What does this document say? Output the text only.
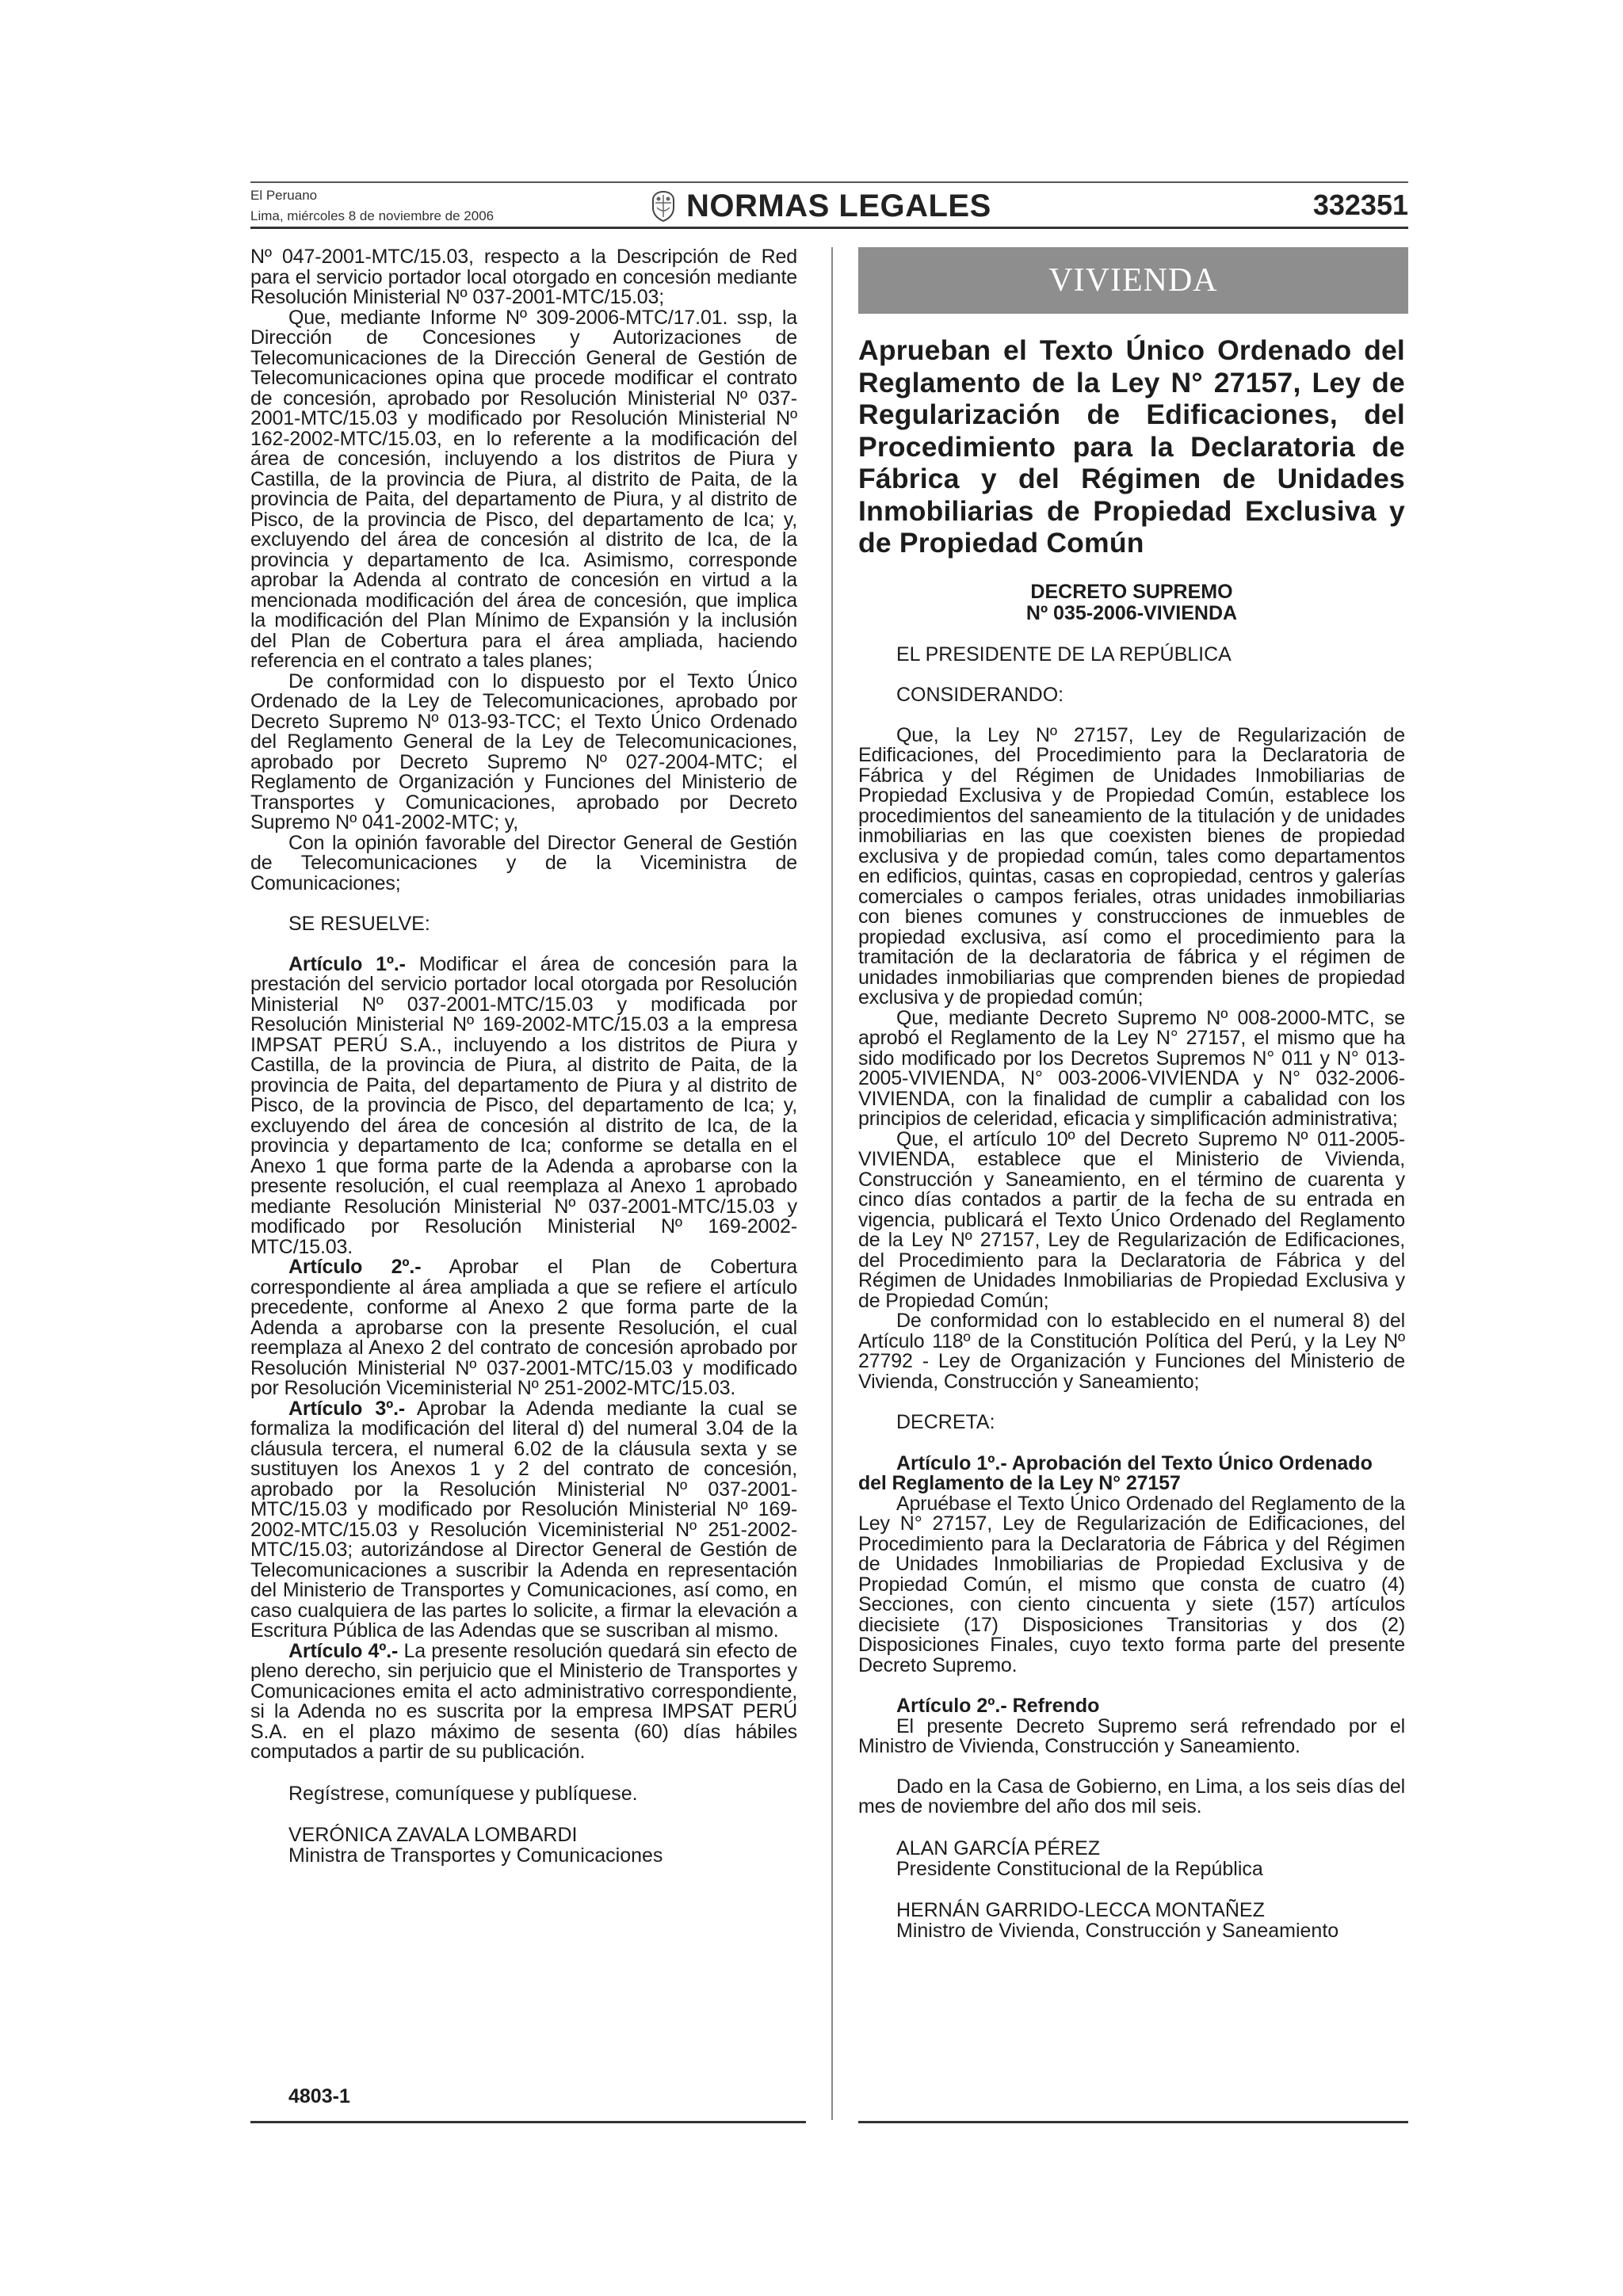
El Peruano
Lima, miércoles 8 de noviembre de 2006	NORMAS LEGALES	332351

Nº 047-2001-MTC/15.03, respecto a la Descripción de Red para el servicio portador local otorgado en concesión mediante Resolución Ministerial Nº 037-2001-MTC/15.03;

Que, mediante Informe Nº 309-2006-MTC/17.01. ssp, la Dirección de Concesiones y Autorizaciones de Telecomunicaciones de la Dirección General de Gestión de Telecomunicaciones opina que procede modificar el contrato de concesión, aprobado por Resolución Ministerial Nº 037-2001-MTC/15.03 y modificado por Resolución Ministerial Nº 162-2002-MTC/15.03, en lo referente a la modificación del área de concesión, incluyendo a los distritos de Piura y Castilla, de la provincia de Piura, al distrito de Paita, de la provincia de Paita, del departamento de Piura, y al distrito de Pisco, de la provincia de Pisco, del departamento de Ica; y, excluyendo del área de concesión al distrito de Ica, de la provincia y departamento de Ica. Asimismo, corresponde aprobar la Adenda al contrato de concesión en virtud a la mencionada modificación del área de concesión, que implica la modificación del Plan Mínimo de Expansión y la inclusión del Plan de Cobertura para el área ampliada, haciendo referencia en el contrato a tales planes;

De conformidad con lo dispuesto por el Texto Único Ordenado de la Ley de Telecomunicaciones, aprobado por Decreto Supremo Nº 013-93-TCC; el Texto Único Ordenado del Reglamento General de la Ley de Telecomunicaciones, aprobado por Decreto Supremo Nº 027-2004-MTC; el Reglamento de Organización y Funciones del Ministerio de Transportes y Comunicaciones, aprobado por Decreto Supremo Nº 041-2002-MTC; y,

Con la opinión favorable del Director General de Gestión de Telecomunicaciones y de la Viceministra de Comunicaciones;

SE RESUELVE:

Artículo 1º.- Modificar el área de concesión para la prestación del servicio portador local otorgada por Resolución Ministerial Nº 037-2001-MTC/15.03 y modificada por Resolución Ministerial Nº 169-2002-MTC/15.03 a la empresa IMPSAT PERÚ S.A., incluyendo a los distritos de Piura y Castilla, de la provincia de Piura, al distrito de Paita, de la provincia de Paita, del departamento de Piura y al distrito de Pisco, de la provincia de Pisco, del departamento de Ica; y, excluyendo del área de concesión al distrito de Ica, de la provincia y departamento de Ica; conforme se detalla en el Anexo 1 que forma parte de la Adenda a aprobarse con la presente resolución, el cual reemplaza al Anexo 1 aprobado mediante Resolución Ministerial Nº 037-2001-MTC/15.03 y modificado por Resolución Ministerial Nº 169-2002-MTC/15.03.

Artículo 2º.- Aprobar el Plan de Cobertura correspondiente al área ampliada a que se refiere el artículo precedente, conforme al Anexo 2 que forma parte de la Adenda a aprobarse con la presente Resolución, el cual reemplaza al Anexo 2 del contrato de concesión aprobado por Resolución Ministerial Nº 037-2001-MTC/15.03 y modificado por Resolución Viceministerial Nº 251-2002-MTC/15.03.

Artículo 3º.- Aprobar la Adenda mediante la cual se formaliza la modificación del literal d) del numeral 3.04 de la cláusula tercera, el numeral 6.02 de la cláusula sexta y se sustituyen los Anexos 1 y 2 del contrato de concesión, aprobado por la Resolución Ministerial Nº 037-2001-MTC/15.03 y modificado por Resolución Ministerial Nº 169-2002-MTC/15.03 y Resolución Viceministerial Nº 251-2002-MTC/15.03; autorizándose al Director General de Gestión de Telecomunicaciones a suscribir la Adenda en representación del Ministerio de Transportes y Comunicaciones, así como, en caso cualquiera de las partes lo solicite, a firmar la elevación a Escritura Pública de las Adendas que se suscriban al mismo.

Artículo 4º.- La presente resolución quedará sin efecto de pleno derecho, sin perjuicio que el Ministerio de Transportes y Comunicaciones emita el acto administrativo correspondiente, si la Adenda no es suscrita por la empresa IMPSAT PERÚ S.A. en el plazo máximo de sesenta (60) días hábiles computados a partir de su publicación.

Regístrese, comuníquese y publíquese.

VERÓNICA ZAVALA LOMBARDI

Ministra de Transportes y Comunicaciones

4803-1
VIVIENDA
Aprueban el Texto Único Ordenado del Reglamento de la Ley N° 27157, Ley de Regularización de Edificaciones, del Procedimiento para la Declaratoria de Fábrica y del Régimen de Unidades Inmobiliarias de Propiedad Exclusiva y de Propiedad Común
DECRETO SUPREMO
Nº 035-2006-VIVIENDA

EL PRESIDENTE DE LA REPÚBLICA

CONSIDERANDO:

Que, la Ley Nº 27157, Ley de Regularización de Edificaciones, del Procedimiento para la Declaratoria de Fábrica y del Régimen de Unidades Inmobiliarias de Propiedad Exclusiva y de Propiedad Común, establece los procedimientos del saneamiento de la titulación y de unidades inmobiliarias en las que coexisten bienes de propiedad exclusiva y de propiedad común, tales como departamentos en edificios, quintas, casas en copropiedad, centros y galerías comerciales o campos feriales, otras unidades inmobiliarias con bienes comunes y construcciones de inmuebles de propiedad exclusiva, así como el procedimiento para la tramitación de la declaratoria de fábrica y el régimen de unidades inmobiliarias que comprenden bienes de propiedad exclusiva y de propiedad común;

Que, mediante Decreto Supremo Nº 008-2000-MTC, se aprobó el Reglamento de la Ley N° 27157, el mismo que ha sido modificado por los Decretos Supremos N° 011 y N° 013-2005-VIVIENDA, N° 003-2006-VIVIENDA y N° 032-2006-VIVIENDA, con la finalidad de cumplir a cabalidad con los principios de celeridad, eficacia y simplificación administrativa;

Que, el artículo 10º del Decreto Supremo Nº 011-2005-VIVIENDA, establece que el Ministerio de Vivienda, Construcción y Saneamiento, en el término de cuarenta y cinco días contados a partir de la fecha de su entrada en vigencia, publicará el Texto Único Ordenado del Reglamento de la Ley Nº 27157, Ley de Regularización de Edificaciones, del Procedimiento para la Declaratoria de Fábrica y del Régimen de Unidades Inmobiliarias de Propiedad Exclusiva y de Propiedad Común;

De conformidad con lo establecido en el numeral 8) del Artículo 118º de la Constitución Política del Perú, y la Ley Nº 27792 - Ley de Organización y Funciones del Ministerio de Vivienda, Construcción y Saneamiento;

DECRETA:

Artículo 1º.- Aprobación del Texto Único Ordenado

del Reglamento de la Ley N° 27157

Apruébase el Texto Único Ordenado del Reglamento de la Ley N° 27157, Ley de Regularización de Edificaciones, del Procedimiento para la Declaratoria de Fábrica y del Régimen de Unidades Inmobiliarias de Propiedad Exclusiva y de Propiedad Común, el mismo que consta de cuatro (4) Secciones, con ciento cincuenta y siete (157) artículos diecisiete (17) Disposiciones Transitorias y dos (2) Disposiciones Finales, cuyo texto forma parte del presente Decreto Supremo.

Artículo 2º.- Refrendo

El presente Decreto Supremo será refrendado por el Ministro de Vivienda, Construcción y Saneamiento.

Dado en la Casa de Gobierno, en Lima, a los seis días del mes de noviembre del año dos mil seis.

ALAN GARCÍA PÉREZ

Presidente Constitucional de la República

HERNÁN GARRIDO-LECCA MONTAÑEZ

Ministro de Vivienda, Construcción y Saneamiento
